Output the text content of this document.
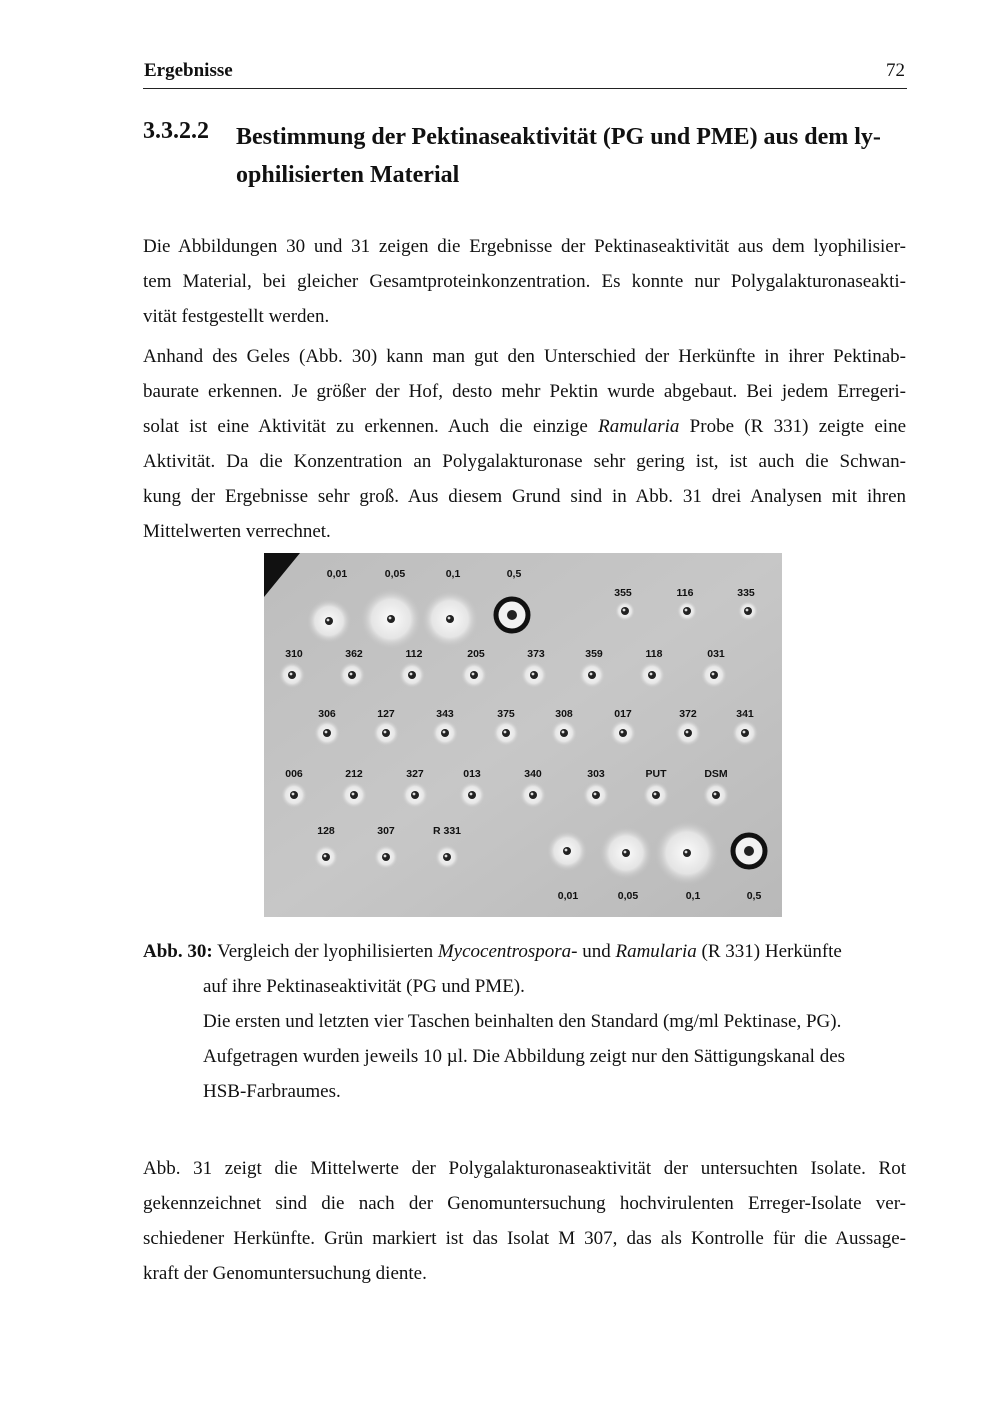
Ergebnisse	72
3.3.2.2 Bestimmung der Pektinaseaktivität (PG und PME) aus dem ly-
ophilisierten Material
Die Abbildungen 30 und 31 zeigen die Ergebnisse der Pektinaseaktivität aus dem lyophilisier-
tem Material, bei gleicher Gesamtproteinkonzentration. Es konnte nur Polygalakturonaseakti-
vität festgestellt werden.
Anhand des Geles (Abb. 30) kann man gut den Unterschied der Herkünfte in ihrer Pektinab-
baurate erkennen. Je größer der Hof, desto mehr Pektin wurde abgebaut. Bei jedem Erregeri-
solat ist eine Aktivität zu erkennen. Auch die einzige Ramularia Probe (R 331) zeigte eine
Aktivität. Da die Konzentration an Polygalakturonase sehr gering ist, ist auch die Schwan-
kung der Ergebnisse sehr groß. Aus diesem Grund sind in Abb. 31 drei Analysen mit ihren
Mittelwerten verrechnet.
0,01	0,05	0,1	0,5
355	116	335
310	362	112	205	373	359	118	031
306	127	343	375	308	017	372	341
006	212	327	013	340	303	PUT	DSM
128	307	R 331
0,01	0,05	0,1	0,5
Abb. 30: Vergleich der lyophilisierten Mycocentrospora- und Ramularia (R 331) Herkünfte
auf ihre Pektinaseaktivität (PG und PME).
Die ersten und letzten vier Taschen beinhalten den Standard (mg/ml Pektinase, PG).
Aufgetragen wurden jeweils 10 µl. Die Abbildung zeigt nur den Sättigungskanal des
HSB-Farbraumes.
Abb. 31 zeigt die Mittelwerte der Polygalakturonaseaktivität der untersuchten Isolate. Rot
gekennzeichnet sind die nach der Genomuntersuchung hochvirulenten Erreger-Isolate ver-
schiedener Herkünfte. Grün markiert ist das Isolat M 307, das als Kontrolle für die Aussage-
kraft der Genomuntersuchung diente.
